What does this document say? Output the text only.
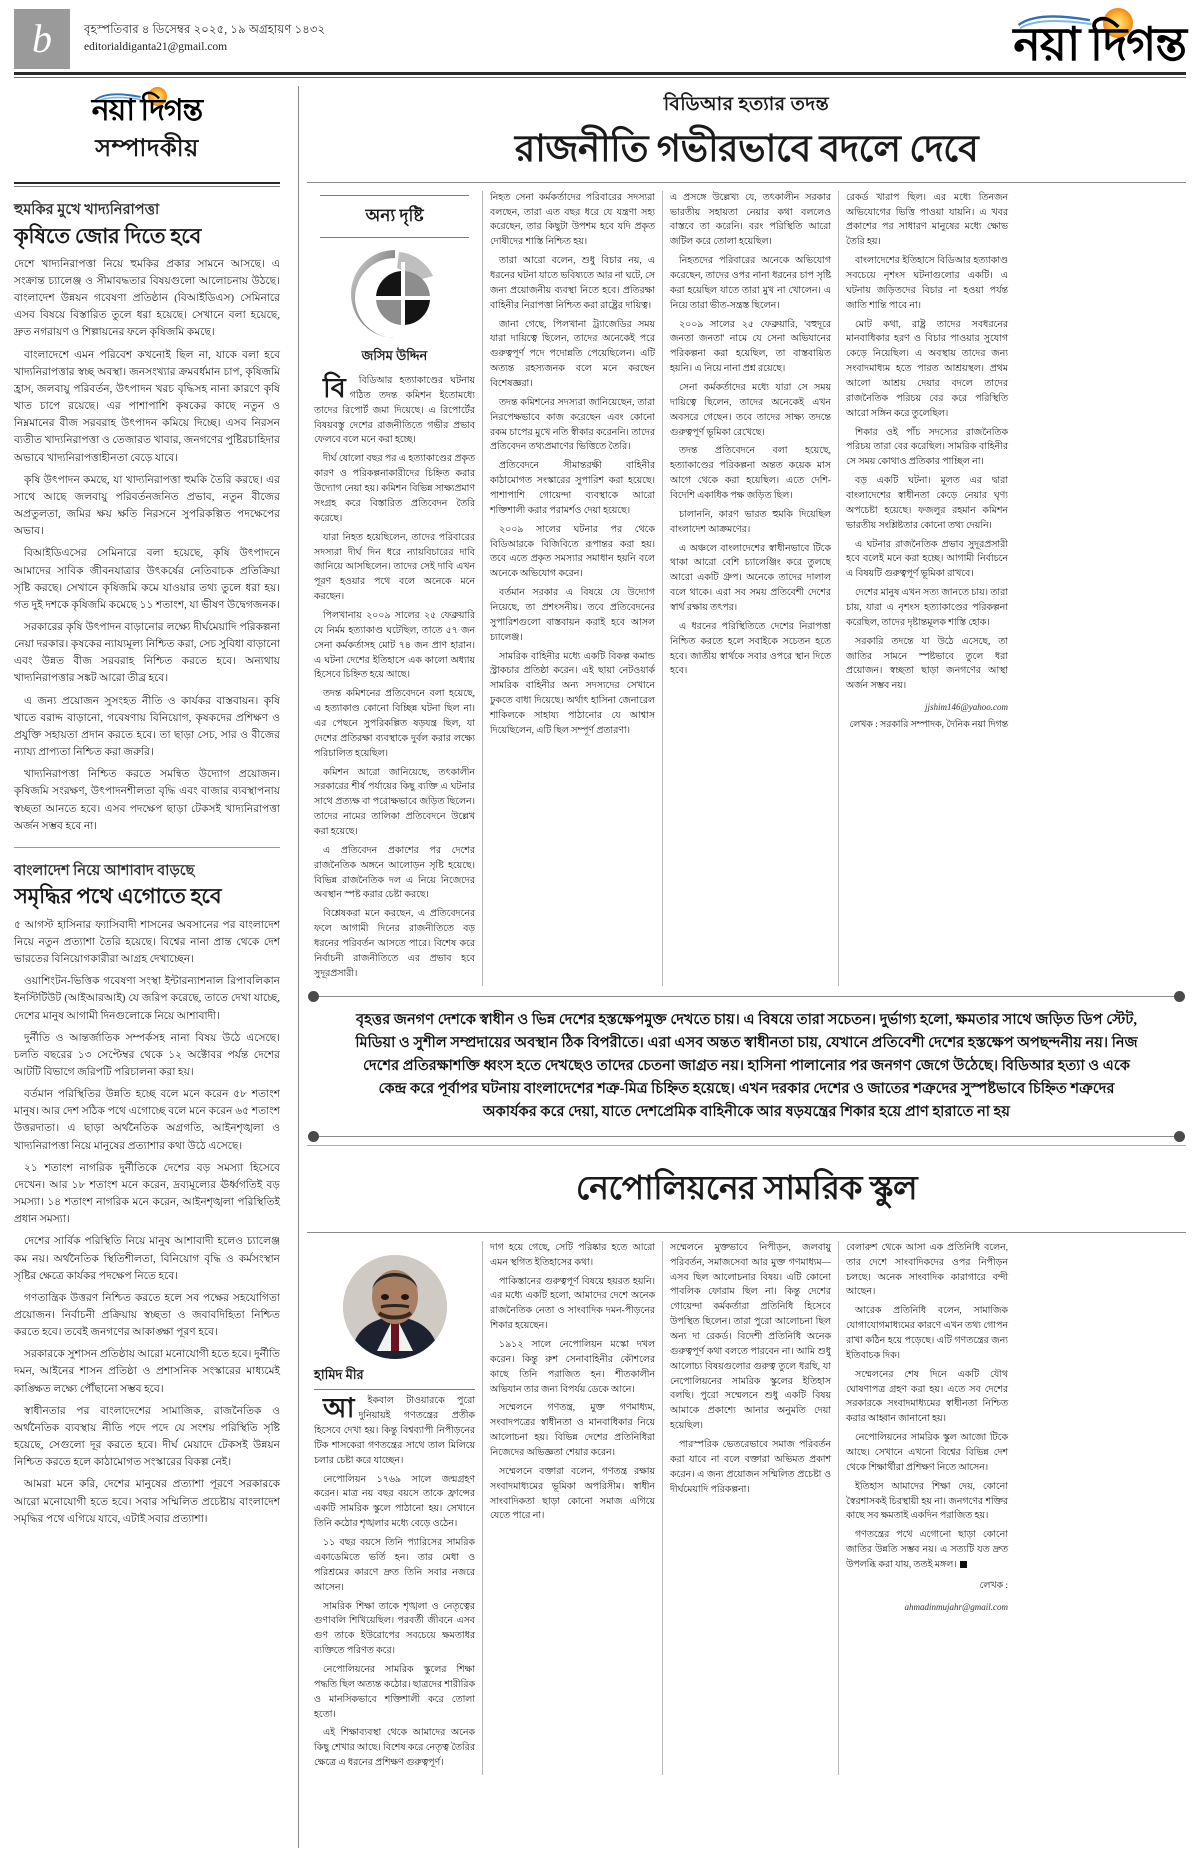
b	বৃহস্পতিবার ৪ ডিসেম্বর ২০২৫, ১৯ অগ্রহায়ণ ১৪৩২
editorialdiganta21@gmail.com	নয়া দিগন্ত
নয়া দিগন্ত
সম্পাদকীয়
হুমকির মুখে খাদ্যনিরাপত্তা
কৃষিতে জোর দিতে হবে

দেশে খাদ্যনিরাপত্তা নিয়ে হুমকির প্রকার সামনে আসছে। এ সংক্রান্ত চ্যালেঞ্জ ও সীমাবদ্ধতার বিষয়গুলো আলোচনায় উঠছে। বাংলাদেশ উন্নয়ন গবেষণা প্রতিষ্ঠান (বিআইডিএস) সেমিনারে এসব বিষয়ে বিস্তারিত তুলে ধরা হয়েছে। সেখানে বলা হয়েছে, দ্রুত নগরায়ণ ও শিল্পায়নের ফলে কৃষিজমি কমছে।

বাংলাদেশে এমন পরিবেশ কখনোই ছিল না, যাকে বলা হবে খাদ্যনিরাপত্তার স্বচ্ছ অবস্থা। জনসংখ্যার ক্রমবর্ধমান চাপ, কৃষিজমি হ্রাস, জলবায়ু পরিবর্তন, উৎপাদন খরচ বৃদ্ধিসহ নানা কারণে কৃষি খাত চাপে রয়েছে। এর পাশাপাশি কৃষকের কাছে নতুন ও নিম্নমানের বীজ সরবরাহ উৎপাদন কমিয়ে দিচ্ছে। এসব নিরসন ব্যতীত খাদ্যনিরাপত্তা ও তেজারত খাবার, জনগণের পুষ্টিরচাহিদার অভাবে খাদ্যনিরাপত্তাহীনতা বেড়ে যাবে।

কৃষি উৎপাদন কমছে, যা খাদ্যনিরাপত্তা হুমকি তৈরি করছে। এর সাথে আছে জলবায়ু পরিবর্তনজনিত প্রভাব, নতুন বীজের অপ্রতুলতা, জমির ক্ষয় ক্ষতি নিরসনে সুপরিকল্পিত পদক্ষেপের অভাব।

বিআইডিএসের সেমিনারে বলা হয়েছে, কৃষি উৎপাদনে আমাদের সাবিক জীবনযাত্রার উৎকর্ষের নেতিবাচক প্রতিক্রিয়া সৃষ্টি করছে। সেখানে কৃষিজমি কমে যাওয়ার তথ্য তুলে ধরা হয়। গত দুই দশকে কৃষিজমি কমেছে ১১ শতাংশ, যা ভীষণ উদ্বেগজনক।

সরকারের কৃষি উৎপাদন বাড়ানোর লক্ষ্যে দীর্ঘমেয়াদি পরিকল্পনা নেয়া দরকার। কৃষকের ন্যায্যমূল্য নিশ্চিত করা, সেচ সুবিধা বাড়ানো এবং উন্নত বীজ সরবরাহ নিশ্চিত করতে হবে। অন্যথায় খাদ্যনিরাপত্তার সঙ্কট আরো তীব্র হবে।

এ জন্য প্রয়োজন সুসংহত নীতি ও কার্যকর বাস্তবায়ন। কৃষি খাতে বরাদ্দ বাড়ানো, গবেষণায় বিনিয়োগ, কৃষকদের প্রশিক্ষণ ও প্রযুক্তি সহায়তা প্রদান করতে হবে। তা ছাড়া সেচ, সার ও বীজের ন্যায্য প্রাপ্যতা নিশ্চিত করা জরুরি।

খাদ্যনিরাপত্তা নিশ্চিত করতে সমন্বিত উদ্যোগ প্রয়োজন। কৃষিজমি সংরক্ষণ, উৎপাদনশীলতা বৃদ্ধি এবং বাজার ব্যবস্থাপনায় স্বচ্ছতা আনতে হবে। এসব পদক্ষেপ ছাড়া টেকসই খাদ্যনিরাপত্তা অর্জন সম্ভব হবে না।

বাংলাদেশ নিয়ে আশাবাদ বাড়ছে
সমৃদ্ধির পথে এগোতে হবে

৫ আগস্ট হাসিনার ফ্যাসিবাদী শাসনের অবসানের পর বাংলাদেশ নিয়ে নতুন প্রত্যাশা তৈরি হয়েছে। বিশ্বের নানা প্রান্ত থেকে দেশ ভারতের বিনিয়োগকারীরা আগ্রহ দেখাচ্ছেন।

ওয়াশিংটন-ভিত্তিক গবেষণা সংস্থা ইন্টারন্যাশনাল রিপাবলিকান ইনস্টিটিউট (আইআরআই) যে জরিপ করেছে, তাতে দেখা যাচ্ছে, দেশের মানুষ আগামী দিনগুলোকে নিয়ে আশাবাদী।

দুর্নীতি ও আন্তর্জাতিক সম্পর্কসহ নানা বিষয় উঠে এসেছে। চলতি বছরের ১৩ সেপ্টেম্বর থেকে ১২ অক্টোবর পর্যন্ত দেশের আটটি বিভাগে জরিপটি পরিচালনা করা হয়।

বর্তমান পরিস্থিতির উন্নতি হচ্ছে বলে মনে করেন ৫৮ শতাংশ মানুষ। আর দেশ সঠিক পথে এগোচ্ছে বলে মনে করেন ৬৫ শতাংশ উত্তরদাতা। এ ছাড়া অর্থনৈতিক অগ্রগতি, আইনশৃঙ্খলা ও খাদ্যনিরাপত্তা নিয়ে মানুষের প্রত্যাশার কথা উঠে এসেছে।

২১ শতাংশ নাগরিক দুর্নীতিকে দেশের বড় সমস্যা হিসেবে দেখেন। আর ১৮ শতাংশ মনে করেন, দ্রব্যমূল্যের ঊর্ধ্বগতিই বড় সমস্যা। ১৪ শতাংশ নাগরিক মনে করেন, আইনশৃঙ্খলা পরিস্থিতিই প্রধান সমস্যা।

দেশের সার্বিক পরিস্থিতি নিয়ে মানুষ আশাবাদী হলেও চ্যালেঞ্জ কম নয়। অর্থনৈতিক স্থিতিশীলতা, বিনিয়োগ বৃদ্ধি ও কর্মসংস্থান সৃষ্টির ক্ষেত্রে কার্যকর পদক্ষেপ নিতে হবে।

গণতান্ত্রিক উত্তরণ নিশ্চিত করতে হলে সব পক্ষের সহযোগিতা প্রয়োজন। নির্বাচনী প্রক্রিয়ায় স্বচ্ছতা ও জবাবদিহিতা নিশ্চিত করতে হবে। তবেই জনগণের আকাঙ্ক্ষা পূরণ হবে।

সরকারকে সুশাসন প্রতিষ্ঠায় আরো মনোযোগী হতে হবে। দুর্নীতি দমন, আইনের শাসন প্রতিষ্ঠা ও প্রশাসনিক সংস্কারের মাধ্যমেই কাঙ্ক্ষিত লক্ষ্যে পৌঁছানো সম্ভব হবে।

স্বাধীনতার পর বাংলাদেশের সামাজিক, রাজনৈতিক ও অর্থনৈতিক ব্যবস্থায় নীতি পদে পদে যে সংশয় পরিস্থিতি সৃষ্টি হয়েছে, সেগুলো দূর করতে হবে। দীর্ঘ মেয়াদে টেকসই উন্নয়ন নিশ্চিত করতে হলে কাঠামোগত সংস্কারের বিকল্প নেই।

আমরা মনে করি, দেশের মানুষের প্রত্যাশা পূরণে সরকারকে আরো মনোযোগী হতে হবে। সবার সম্মিলিত প্রচেষ্টায় বাংলাদেশ সমৃদ্ধির পথে এগিয়ে যাবে, এটাই সবার প্রত্যাশা।

বিডিআর হত্যার তদন্ত
রাজনীতি গভীরভাবে বদলে দেবে
অন্য দৃষ্টি
জসিম উদ্দিন

বি	বিডিআর হত্যাকাণ্ডের ঘটনায় গঠিত তদন্ত কমিশন ইতোমধ্যে তাদের রিপোর্ট জমা দিয়েছে। এ রিপোর্টের বিষয়বস্তু দেশের রাজনীতিতে গভীর প্রভাব ফেলবে বলে মনে করা হচ্ছে।

দীর্ঘ ষোলো বছর পর এ হত্যাকাণ্ডের প্রকৃত কারণ ও পরিকল্পনাকারীদের চিহ্নিত করার উদ্যোগ নেয়া হয়। কমিশন বিভিন্ন সাক্ষ্যপ্রমাণ সংগ্রহ করে বিস্তারিত প্রতিবেদন তৈরি করেছে।

যারা নিহত হয়েছিলেন, তাদের পরিবারের সদস্যরা দীর্ঘ দিন ধরে ন্যায়বিচারের দাবি জানিয়ে আসছিলেন। তাদের সেই দাবি এখন পূরণ হওয়ার পথে বলে অনেকে মনে করছেন।

পিলখানায় ২০০৯ সালের ২৫ ফেব্রুয়ারি যে নির্মম হত্যাকাণ্ড ঘটেছিল, তাতে ৫৭ জন সেনা কর্মকর্তাসহ মোট ৭৪ জন প্রাণ হারান। এ ঘটনা দেশের ইতিহাসে এক কালো অধ্যায় হিসেবে চিহ্নিত হয়ে আছে।

তদন্ত কমিশনের প্রতিবেদনে বলা হয়েছে, এ হত্যাকাণ্ড কোনো বিচ্ছিন্ন ঘটনা ছিল না। এর পেছনে সুপরিকল্পিত ষড়যন্ত্র ছিল, যা দেশের প্রতিরক্ষা ব্যবস্থাকে দুর্বল করার লক্ষ্যে পরিচালিত হয়েছিল।

কমিশন আরো জানিয়েছে, তৎকালীন সরকারের শীর্ষ পর্যায়ের কিছু ব্যক্তি এ ঘটনার সাথে প্রত্যক্ষ বা পরোক্ষভাবে জড়িত ছিলেন। তাদের নামের তালিকা প্রতিবেদনে উল্লেখ করা হয়েছে।

এ প্রতিবেদন প্রকাশের পর দেশের রাজনৈতিক অঙ্গনে আলোড়ন সৃষ্টি হয়েছে। বিভিন্ন রাজনৈতিক দল এ নিয়ে নিজেদের অবস্থান স্পষ্ট করার চেষ্টা করছে।

বিশ্লেষকরা মনে করছেন, এ প্রতিবেদনের ফলে আগামী দিনের রাজনীতিতে বড় ধরনের পরিবর্তন আসতে পারে। বিশেষ করে নির্বাচনী রাজনীতিতে এর প্রভাব হবে সুদূরপ্রসারী।

নিহত সেনা কর্মকর্তাদের পরিবারের সদস্যরা বলছেন, তারা এত বছর ধরে যে যন্ত্রণা সহ্য করেছেন, তার কিছুটা উপশম হবে যদি প্রকৃত দোষীদের শাস্তি নিশ্চিত হয়।

তারা আরো বলেন, শুধু বিচার নয়, এ ধরনের ঘটনা যাতে ভবিষ্যতে আর না ঘটে, সে জন্য প্রয়োজনীয় ব্যবস্থা নিতে হবে। প্রতিরক্ষা বাহিনীর নিরাপত্তা নিশ্চিত করা রাষ্ট্রের দায়িত্ব।

জানা গেছে, পিলখানা ট্র্যাজেডির সময় যারা দায়িত্বে ছিলেন, তাদের অনেকেই পরে গুরুত্বপূর্ণ পদে পদোন্নতি পেয়েছিলেন। এটি অত্যন্ত রহস্যজনক বলে মনে করছেন বিশেষজ্ঞরা।

তদন্ত কমিশনের সদস্যরা জানিয়েছেন, তারা নিরপেক্ষভাবে কাজ করেছেন এবং কোনো রকম চাপের মুখে নতি স্বীকার করেননি। তাদের প্রতিবেদন তথ্যপ্রমাণের ভিত্তিতে তৈরি।

প্রতিবেদনে সীমান্তরক্ষী বাহিনীর কাঠামোগত সংস্কারের সুপারিশ করা হয়েছে। পাশাপাশি গোয়েন্দা ব্যবস্থাকে আরো শক্তিশালী করার পরামর্শও দেয়া হয়েছে।

২০০৯ সালের ঘটনার পর থেকে বিডিআরকে বিজিবিতে রূপান্তর করা হয়। তবে এতে প্রকৃত সমস্যার সমাধান হয়নি বলে অনেকে অভিযোগ করেন।

বর্তমান সরকার এ বিষয়ে যে উদ্যোগ নিয়েছে, তা প্রশংসনীয়। তবে প্রতিবেদনের সুপারিশগুলো বাস্তবায়ন করাই হবে আসল চ্যালেঞ্জ।

সামরিক বাহিনীর মধ্যে একটি বিকল্প কমান্ড স্ট্রাকচার প্রতিষ্ঠা করেন। এই ছায়া নেটওয়ার্ক সামরিক বাহিনীর অন্য সদস্যদের সেখানে ঢুকতে বাধা দিয়েছে। অর্থাৎ হাসিনা জেনারেল শাকিলকে সাহায্য পাঠানোর যে আশ্বাস দিয়েছিলেন, এটি ছিল সম্পূর্ণ প্রতারণা।

এ প্রসঙ্গে উল্লেখ্য যে, তৎকালীন সরকার ভারতীয় সহায়তা নেয়ার কথা বললেও বাস্তবে তা করেনি। বরং পরিস্থিতি আরো জটিল করে তোলা হয়েছিল।

নিহতদের পরিবারের অনেকে অভিযোগ করেছেন, তাদের ওপর নানা ধরনের চাপ সৃষ্টি করা হয়েছিল যাতে তারা মুখ না খোলেন। এ নিয়ে তারা ভীত-সন্ত্রস্ত ছিলেন।

২০০৯ সালের ২৫ ফেব্রুয়ারি, 'বহুদূরে জনতা জনতা' নামে যে সেনা অভিযানের পরিকল্পনা করা হয়েছিল, তা বাস্তবায়িত হয়নি। এ নিয়ে নানা প্রশ্ন রয়েছে।

সেনা কর্মকর্তাদের মধ্যে যারা সে সময় দায়িত্বে ছিলেন, তাদের অনেকেই এখন অবসরে গেছেন। তবে তাদের সাক্ষ্য তদন্তে গুরুত্বপূর্ণ ভূমিকা রেখেছে।

তদন্ত প্রতিবেদনে বলা হয়েছে, হত্যাকাণ্ডের পরিকল্পনা অন্তত কয়েক মাস আগে থেকে করা হয়েছিল। এতে দেশি-বিদেশি একাধিক পক্ষ জড়িত ছিল।

চালাননি, কারণ ভারত হুমকি দিয়েছিল বাংলাদেশ আক্রমণের।

এ অঞ্চলে বাংলাদেশের স্বাধীনভাবে টিকে থাকা আরো বেশি চ্যালেঞ্জিং করে তুলছে আরো একটি গ্রুপ। অনেকে তাদের দালাল বলে থাকে। এরা সব সময় প্রতিবেশী দেশের স্বার্থ রক্ষায় তৎপর।

এ ধরনের পরিস্থিতিতে দেশের নিরাপত্তা নিশ্চিত করতে হলে সবাইকে সচেতন হতে হবে। জাতীয় স্বার্থকে সবার ওপরে স্থান দিতে হবে।

রেকর্ড খারাপ ছিল। এর মধ্যে তিনজন অভিযোগের ভিত্তি পাওয়া যায়নি। এ খবর প্রকাশের পর সাধারণ মানুষের মধ্যে ক্ষোভ তৈরি হয়।

বাংলাদেশের ইতিহাসে বিডিআর হত্যাকাণ্ড সবচেয়ে নৃশংস ঘটনাগুলোর একটি। এ ঘটনায় জড়িতদের বিচার না হওয়া পর্যন্ত জাতি শান্তি পাবে না।

মোট কথা, রাষ্ট্র তাদের সবধরনের মানবাধিকার হরণ ও বিচার পাওয়ার সুযোগ কেড়ে নিয়েছিল। এ অবস্থায় তাদের জন্য সংবাদমাধ্যম হতে পারত আশ্রয়স্থল। প্রথম আলো আশ্রয় দেয়ার বদলে তাদের রাজনৈতিক পরিচয় বের করে পরিস্থিতি আরো সঙ্গিন করে তুলেছিল।

শিকার ওই পাঁচ সদস্যের রাজনৈতিক পরিচয় তারা বের করেছিল। সামরিক বাহিনীর সে সময় কোথাও প্রতিকার পাচ্ছিল না।

বড় একটি ঘটনা। মূলত এর দ্বারা বাংলাদেশের স্বাধীনতা কেড়ে নেয়ার ঘৃণ্য অপচেষ্টা হয়েছে। ফজলুর রহমান কমিশন ভারতীয় সংশ্লিষ্টতার কোনো তথ্য দেয়নি।

এ ঘটনার রাজনৈতিক প্রভাব সুদূরপ্রসারী হবে বলেই মনে করা হচ্ছে। আগামী নির্বাচনে এ বিষয়টি গুরুত্বপূর্ণ ভূমিকা রাখবে।

দেশের মানুষ এখন সত্য জানতে চায়। তারা চায়, যারা এ নৃশংস হত্যাকাণ্ডের পরিকল্পনা করেছিল, তাদের দৃষ্টান্তমূলক শাস্তি হোক।

সরকারি তদন্তে যা উঠে এসেছে, তা জাতির সামনে স্পষ্টভাবে তুলে ধরা প্রয়োজন। স্বচ্ছতা ছাড়া জনগণের আস্থা অর্জন সম্ভব নয়।

jjshim146@yahoo.com
লেখক : সরকারি সম্পাদক, দৈনিক নয়া দিগন্ত
বৃহত্তর জনগণ দেশকে স্বাধীন ও ভিন্ন দেশের হস্তক্ষেপমুক্ত দেখতে চায়। এ বিষয়ে তারা সচেতন। দুর্ভাগ্য হলো, ক্ষমতার সাথে জড়িত ডিপ স্টেট, মিডিয়া ও সুশীল সম্প্রদায়ের অবস্থান ঠিক বিপরীতে। এরা এসব অন্তত স্বাধীনতা চায়, যেখানে প্রতিবেশী দেশের হস্তক্ষেপ অপছন্দনীয় নয়। নিজ দেশের প্রতিরক্ষাশক্তি ধ্বংস হতে দেখছেও তাদের চেতনা জাগ্রত নয়। হাসিনা পালানোর পর জনগণ জেগে উঠেছে। বিডিআর হত্যা ও একে কেন্দ্র করে পূর্বাপর ঘটনায় বাংলাদেশের শত্রু-মিত্র চিহ্নিত হয়েছে। এখন দরকার দেশের ও জাতের শত্রুদের সুস্পষ্টভাবে চিহ্নিত শত্রুদের অকার্যকর করে দেয়া, যাতে দেশপ্রেমিক বাহিনীকে আর ষড়যন্ত্রের শিকার হয়ে প্রাণ হারাতে না হয়
নেপোলিয়নের সামরিক স্কুল
হামিদ মীর

আ	ইকবাল টাওয়ারকে পুরো দুনিয়ায়ই গণতন্ত্রের প্রতীক হিসেবে দেখা হয়। কিন্তু বিশ্বব্যাপী নিপীড়নের টিক শাসকেরা গণতন্ত্রের সাথে তাল মিলিয়ে চলার চেষ্টা করে যাচ্ছেন।

নেপোলিয়ন ১৭৬৯ সালে জন্মগ্রহণ করেন। মাত্র নয় বছর বয়সে তাকে ফ্রান্সের একটি সামরিক স্কুলে পাঠানো হয়। সেখানে তিনি কঠোর শৃঙ্খলার মধ্যে বেড়ে ওঠেন।

১১ বছর বয়সে তিনি প্যারিসের সামরিক একাডেমিতে ভর্তি হন। তার মেধা ও পরিশ্রমের কারণে দ্রুত তিনি সবার নজরে আসেন।

সামরিক শিক্ষা তাকে শৃঙ্খলা ও নেতৃত্বের গুণাবলি শিখিয়েছিল। পরবর্তী জীবনে এসব গুণ তাকে ইউরোপের সবচেয়ে ক্ষমতাধর ব্যক্তিতে পরিণত করে।

নেপোলিয়নের সামরিক স্কুলের শিক্ষা পদ্ধতি ছিল অত্যন্ত কঠোর। ছাত্রদের শারীরিক ও মানসিকভাবে শক্তিশালী করে তোলা হতো।

এই শিক্ষাব্যবস্থা থেকে আমাদের অনেক কিছু শেখার আছে। বিশেষ করে নেতৃত্ব তৈরির ক্ষেত্রে এ ধরনের প্রশিক্ষণ গুরুত্বপূর্ণ।

দাগ হয়ে গেছে, সেটি পরিষ্কার হতে আরো এমন স্থগিত ইতিহাসের কথা।

পাকিস্তানের গুরুত্বপূর্ণ বিষয়ে হয়রত হয়নি। এর মধ্যে একটি হলো, আমাদের দেশে অনেক রাজনৈতিক নেতা ও সাংবাদিক দমন-পীড়নের শিকার হয়েছেন।

১৯১২ সালে নেপোলিয়ন মস্কো দখল করেন। কিন্তু রুশ সেনাবাহিনীর কৌশলের কাছে তিনি পরাজিত হন। শীতকালীন অভিযান তার জন্য বিপর্যয় ডেকে আনে।

সম্মেলনে গণতন্ত্র, মুক্ত গণমাধ্যম, সংবাদপত্রের স্বাধীনতা ও মানবাধিকার নিয়ে আলোচনা হয়। বিভিন্ন দেশের প্রতিনিধিরা নিজেদের অভিজ্ঞতা শেয়ার করেন।

সম্মেলনে বক্তারা বলেন, গণতন্ত্র রক্ষায় সংবাদমাধ্যমের ভূমিকা অপরিসীম। স্বাধীন সাংবাদিকতা ছাড়া কোনো সমাজ এগিয়ে যেতে পারে না।

সম্মেলনে মুক্তভাবে নিপীড়ন, জলবায়ু পরিবর্তন, সমাজসেবা আর মুক্ত গণমাধ্যম— এসব ছিল আলোচনার বিষয়। এটি কোনো পাবলিক ফোরাম ছিল না। কিন্তু দেশের গোয়েন্দা কর্মকর্তারা প্রতিনিধি হিসেবে উপস্থিত ছিলেন। তারা পুরো আলোচনা ছিল অন্য দা রেকর্ড। বিদেশী প্রতিনিধি অনেক গুরুত্বপূর্ণ কথা বলতে পারবেন না। আমি শুধু আলোচ্য বিষয়গুলোর গুরুত্ব তুলে ধরছি, যা নেপোলিয়নের সামরিক স্কুলের ইতিহাস বলছি। পুরো সম্মেলনে শুধু একটি বিষয় আমাকে প্রকাশ্যে আনার অনুমতি দেয়া হয়েছিল।

পারস্পরিক ভেতরেভাবে সমাজ পরিবর্তন করা যাবে না বলে বক্তারা অভিমত প্রকাশ করেন। এ জন্য প্রয়োজন সম্মিলিত প্রচেষ্টা ও দীর্ঘমেয়াদি পরিকল্পনা।

বেলারুশ থেকে আসা এক প্রতিনিধি বলেন, তার দেশে সাংবাদিকদের ওপর নিপীড়ন চলছে। অনেক সাংবাদিক কারাগারে বন্দী আছেন।

আরেক প্রতিনিধি বলেন, সামাজিক যোগাযোগমাধ্যমের কারণে এখন তথ্য গোপন রাখা কঠিন হয়ে পড়েছে। এটি গণতন্ত্রের জন্য ইতিবাচক দিক।

সম্মেলনের শেষ দিনে একটি যৌথ ঘোষণাপত্র গ্রহণ করা হয়। এতে সব দেশের সরকারকে সংবাদমাধ্যমের স্বাধীনতা নিশ্চিত করার আহ্বান জানানো হয়।

নেপোলিয়নের সামরিক স্কুল আজো টিকে আছে। সেখানে এখনো বিশ্বের বিভিন্ন দেশ থেকে শিক্ষার্থীরা প্রশিক্ষণ নিতে আসেন।

ইতিহাস আমাদের শিক্ষা দেয়, কোনো স্বৈরশাসকই চিরস্থায়ী হয় না। জনগণের শক্তির কাছে সব ক্ষমতাই একদিন পরাজিত হয়।

গণতন্ত্রের পথে এগোনো ছাড়া কোনো জাতির উন্নতি সম্ভব নয়। এ সত্যটি যত দ্রুত উপলব্ধি করা যায়, ততই মঙ্গল।

লেখক :
ahmadinmujahr@gmail.com
